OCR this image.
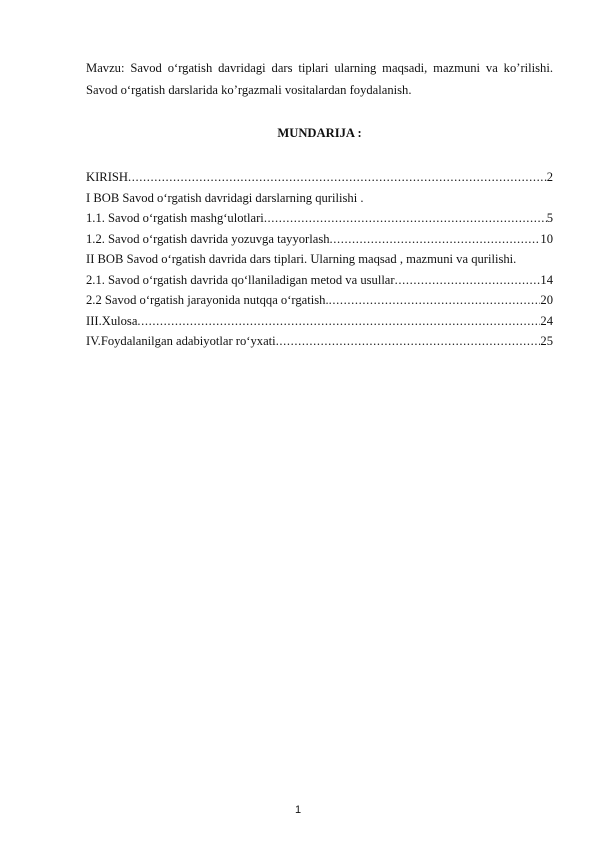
Mavzu: Savod o‘rgatish davridagi dars tiplari ularning maqsadi, mazmuni va ko’rilishi. Savod o‘rgatish darslarida ko’rgazmali vositalardan foydalanish.

MUNDARIJA :
KIRISH .....	2
I BOB Savod o‘rgatish davridagi darslarning qurilishi .
1.1. Savod o‘rgatish mashg‘ulotlari .....	5
1.2. Savod o‘rgatish davrida yozuvga tayyorlash .....	10
II BOB Savod o‘rgatish davrida dars tiplari. Ularning maqsad , mazmuni va qurilishi.
2.1. Savod o‘rgatish davrida qo‘llaniladigan metod va usullar .....	14
2.2 Savod o‘rgatish jarayonida nutqqa o‘rgatish. .....	20
III.Xulosa .....	24
IV.Foydalanilgan adabiyotlar ro‘yxati .....	25
1
